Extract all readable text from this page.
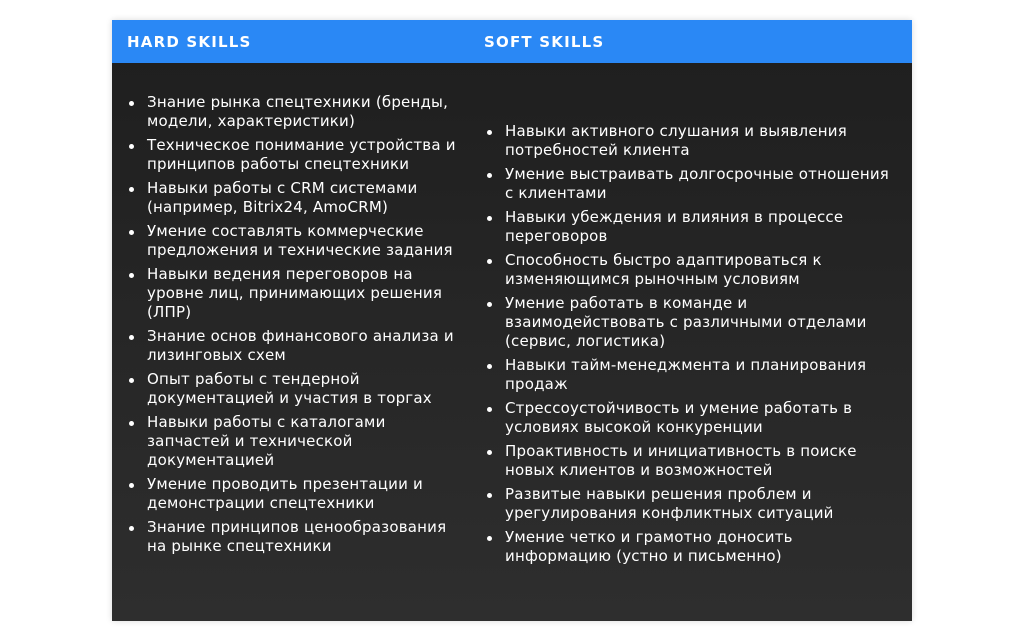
HARD SKILLS	SOFT SKILLS
Знание рынка спецтехники (бренды, модели, характеристики)
Техническое понимание устройства и принципов работы спецтехники
Навыки работы с CRM системами (например, Bitrix24, AmoCRM)
Умение составлять коммерческие предложения и технические задания
Навыки ведения переговоров на уровне лиц, принимающих решения (ЛПР)
Знание основ финансового анализа и лизинговых схем
Опыт работы с тендерной документацией и участия в торгах
Навыки работы с каталогами запчастей и технической документацией
Умение проводить презентации и демонстрации спецтехники
Знание принципов ценообразования на рынке спецтехники
Навыки активного слушания и выявления потребностей клиента
Умение выстраивать долгосрочные отношения с клиентами
Навыки убеждения и влияния в процессе переговоров
Способность быстро адаптироваться к изменяющимся рыночным условиям
Умение работать в команде и взаимодействовать с различными отделами (сервис, логистика)
Навыки тайм-менеджмента и планирования продаж
Стрессоустойчивость и умение работать в условиях высокой конкуренции
Проактивность и инициативность в поиске новых клиентов и возможностей
Развитые навыки решения проблем и урегулирования конфликтных ситуаций
Умение четко и грамотно доносить информацию (устно и письменно)
